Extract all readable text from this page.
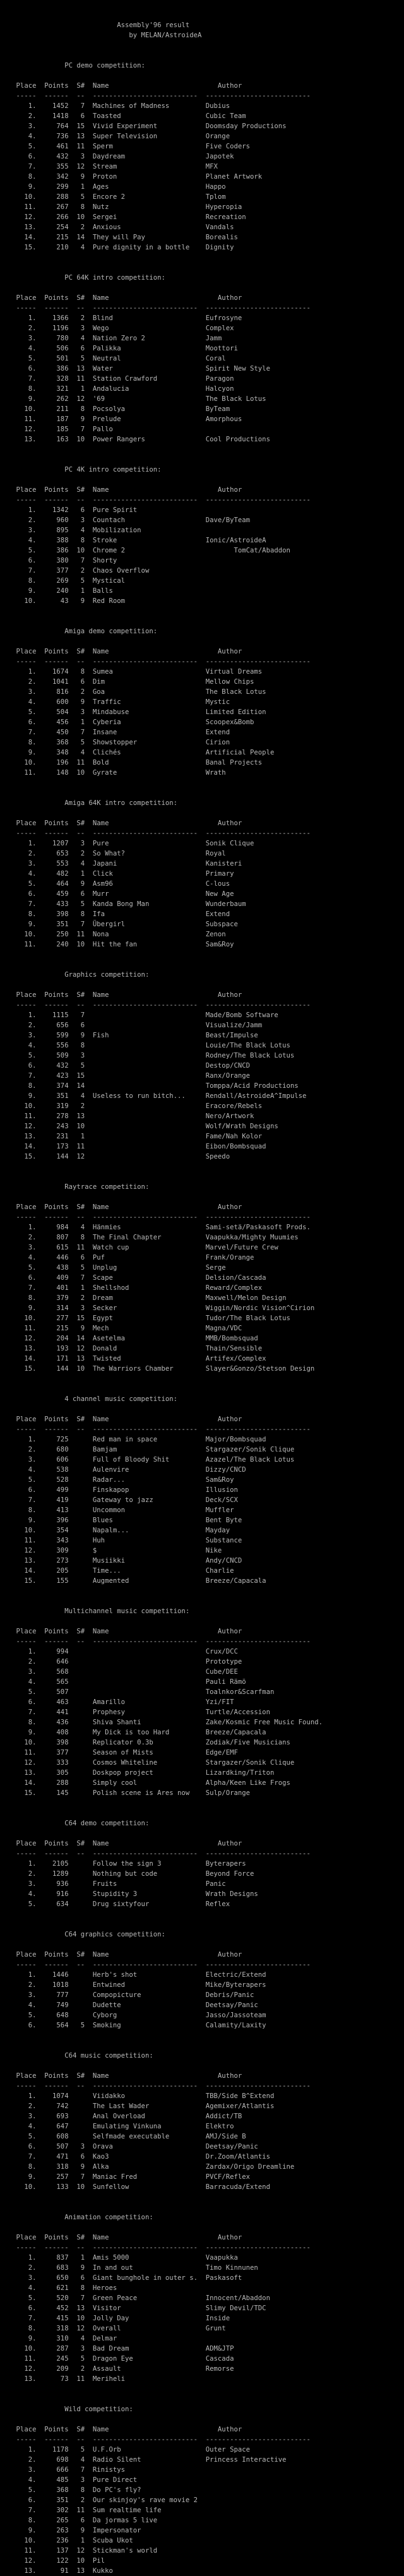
Assembly'96 result
by MELAN/AstroideA
PC demo competition:
Place  Points  S#  Name                           Author
-----  ------  --  --------------------------  --------------------------
1.    1452   7  Machines of Madness         Dubius
2.    1418   6  Toasted                     Cubic Team
3.     764  15  Vivid Experiment            Doomsday Productions
4.     736  13  Super Television            Orange
5.     461  11  Sperm                       Five Coders
6.     432   3  Daydream                    Japotek
7.     355  12  Stream                      MFX
8.     342   9  Proton                      Planet Artwork
9.     299   1  Ages                        Happo
10.     288   5  Encore 2                    Tplom
11.     267   8  Nutz                        Hyperopia
12.     266  10  Sergei                      Recreation
13.     254   2  Anxious                     Vandals
14.     215  14  They will Pay               Borealis
15.     210   4  Pure dignity in a bottle    Dignity
PC 64K intro competition:
Place  Points  S#  Name                           Author
-----  ------  --  --------------------------  --------------------------
1.    1366   2  Blind                       Eufrosyne
2.    1196   3  Wego                        Complex
3.     780   4  Nation Zero 2               Jamm
4.     506   6  Palikka                     Moottori
5.     501   5  Neutral                     Coral
6.     386  13  Water                       Spirit New Style
7.     328  11  Station Crawford            Paragon
8.     321   1  Andalucia                   Halcyon
9.     262  12  '69                         The Black Lotus
10.     211   8  Pocsolya                    ByTeam
11.     187   9  Prelude                     Amorphous
12.     185   7  Pallo
13.     163  10  Power Rangers               Cool Productions
PC 4K intro competition:
Place  Points  S#  Name                           Author
-----  ------  --  --------------------------  --------------------------
1.    1342   6  Pure Spirit
2.     960   3  Countach                    Dave/ByTeam
3.     895   4  Mobilization
4.     388   8  Stroke                      Ionic/AstroideA
5.     386  10  Chrome 2                           TomCat/Abaddon
6.     380   7  Shorty
7.     377   2  Chaos Overflow
8.     269   5  Mystical
9.     240   1  Balls
10.      43   9  Red Room
Amiga demo competition:
Place  Points  S#  Name                           Author
-----  ------  --  --------------------------  --------------------------
1.    1674   8  Sumea                       Virtual Dreams
2.    1041   6  Dim                         Mellow Chips
3.     816   2  Goa                         The Black Lotus
4.     600   9  Traffic                     Mystic
5.     504   3  Mindabuse                   Limited Edition
6.     456   1  Cyberia                     Scoopex&Bomb
7.     450   7  Insane                      Extend
8.     368   5  Showstopper                 Cirion
9.     348   4  Clichés                     Artificial People
10.     196  11  Bold                        Banal Projects
11.     148  10  Gyrate                      Wrath
Amiga 64K intro competition:
Place  Points  S#  Name                           Author
-----  ------  --  --------------------------  --------------------------
1.    1207   3  Pure                        Sonik Clique
2.     653   2  So What?                    Royal
3.     553   4  Japani                      Kanisteri
4.     482   1  Click                       Primary
5.     464   9  Asm96                       C-lous
6.     459   6  Murr                        New Age
7.     433   5  Kanda Bong Man              Wunderbaum
8.     398   8  Ifa                         Extend
9.     351   7  Übergirl                    Subspace
10.     250  11  Nona                        Zenon
11.     240  10  Hit the fan                 Sam&Roy
Graphics competition:
Place  Points  S#  Name                           Author
-----  ------  --  --------------------------  --------------------------
1.    1115   7                              Made/Bomb Software
2.     656   6                              Visualize/Jamm
3.     599   9  Fish                        Beast/Impulse
4.     556   8                              Louie/The Black Lotus
5.     509   3                              Rodney/The Black Lotus
6.     432   5                              Destop/CNCD
7.     423  15                              Ranx/Orange
8.     374  14                              Tomppa/Acid Productions
9.     351   4  Useless to run bitch...     Rendall/AstroideA^Impulse
10.     319   2                              Eracore/Rebels
11.     278  13                              Nero/Artwork
12.     243  10                              Wolf/Wrath Designs
13.     231   1                              Fame/Nah Kolor
14.     173  11                              Eibon/Bombsquad
15.     144  12                              Speedo
Raytrace competition:
Place  Points  S#  Name                           Author
-----  ------  --  --------------------------  --------------------------
1.     984   4  Hänmies                     Sami-setä/Paskasoft Prods.
2.     807   8  The Final Chapter           Vaapukka/Mighty Muumies
3.     615  11  Watch cup                   Marvel/Future Crew
4.     446   6  Puf                         Frank/Orange
5.     438   5  Unplug                      Serge
6.     409   7  Scape                       Delsion/Cascada
7.     401   1  Shellshod                   Reward/Complex
8.     379   2  Dream                       Maxwell/Melon Design
9.     314   3  Secker                      Wiggin/Nordic Vision^Cirion
10.     277  15  Egypt                       Tudor/The Black Lotus
11.     215   9  Mech                        Magna/VDC
12.     204  14  Asetelma                    MMB/Bombsquad
13.     193  12  Donald                      Thain/Sensible
14.     171  13  Twisted                     Artifex/Complex
15.     144  10  The Warriors Chamber        Slayer&Gonzo/Stetson Design
4 channel music competition:
Place  Points  S#  Name                           Author
-----  ------  --  --------------------------  --------------------------
1.     725      Red man in space            Major/Bombsquad
2.     680      Bamjam                      Stargazer/Sonik Clique
3.     606      Full of Bloody Shit         Azazel/The Black Lotus
4.     538      Aulenvire                   Dizzy/CNCD
5.     528      Radar...                    Sam&Roy
6.     499      Finskapop                   Illusion
7.     419      Gateway to jazz             Deck/SCX
8.     413      Uncommon                    Muffler
9.     396      Blues                       Bent Byte
10.     354      Napalm...                   Mayday
11.     343      Huh                         Substance
12.     309      $                           Nike
13.     273      Musiikki                    Andy/CNCD
14.     205      Time...                     Charlie
15.     155      Augmented                   Breeze/Capacala
Multichannel music competition:
Place  Points  S#  Name                           Author
-----  ------  --  --------------------------  --------------------------
1.     994                                  Crux/DCC
2.     646                                  Prototype
3.     568                                  Cube/DEE
4.     565                                  Pauli Rämö
5.     507                                  Toalnkor&Scarfman
6.     463      Amarillo                    Yzi/FIT
7.     441      Prophesy                    Turtle/Accession
8.     436      Shiva Shanti                Zake/Kosmic Free Music Found.
9.     408      My Dick is too Hard         Breeze/Capacala
10.     398      Replicator 0.3b             Zodiak/Five Musicians
11.     377      Season of Mists             Edge/EMF
12.     333      Cosmos Whiteline            Stargazer/Sonik Clique
13.     305      Doskpop project             Lizardking/Triton
14.     288      Simply cool                 Alpha/Keen Like Frogs
15.     145      Polish scene is Ares now    Sulp/Orange
C64 demo competition:
Place  Points  S#  Name                           Author
-----  ------  --  --------------------------  --------------------------
1.    2105      Follow the sign 3           Byterapers
2.    1289      Nothing but code            Beyond Force
3.     936      Fruits                      Panic
4.     916      Stupidity 3                 Wrath Designs
5.     634      Drug sixtyfour              Reflex
C64 graphics competition:
Place  Points  S#  Name                           Author
-----  ------  --  --------------------------  --------------------------
1.    1446      Herb's shot                 Electric/Extend
2.    1018      Entwined                    Mike/Byterapers
3.     777      Compopicture                Debris/Panic
4.     749      Dudette                     Deetsay/Panic
5.     648      Cyborg                      Jasso/Jassoteam
6.     564   5  Smoking                     Calamity/Laxity
C64 music competition:
Place  Points  S#  Name                           Author
-----  ------  --  --------------------------  --------------------------
1.    1074      Viidakko                    TBB/Side B^Extend
2.     742      The Last Wader              Agemixer/Atlantis
3.     693      Anal Overload               Addict/TB
4.     647      Emulating Vinkuna           Elektro
5.     608      Selfmade executable         AMJ/Side B
6.     507   3  Orava                       Deetsay/Panic
7.     471   6  Kao3                        Dr.Zoom/Atlantis
8.     318   9  Alka                        Zardax/Origo Dreamline
9.     257   7  Maniac Fred                 PVCF/Reflex
10.     133  10  Sunfellow                   Barracuda/Extend
Animation competition:
Place  Points  S#  Name                           Author
-----  ------  --  --------------------------  --------------------------
1.     837   1  Amis 5000                   Vaapukka
2.     683   9  In and out                  Timo Kinnunen
3.     650   6  Giant bunghole in outer s.  Paskasoft
4.     621   8  Heroes
5.     520   7  Green Peace                 Innocent/Abaddon
6.     452  13  Visitor                     Slimy Devil/TDC
7.     415  10  Jolly Day                   Inside
8.     318  12  Overall                     Grunt
9.     310   4  Delmar
10.     287   3  Bad Dream                   ADM&JTP
11.     245   5  Dragon Eye                  Cascada
12.     209   2  Assault                     Remorse
13.      73  11  Meriheli
Wild competition:
Place  Points  S#  Name                           Author
-----  ------  --  --------------------------  --------------------------
1.    1178   5  U.F.Orb                     Outer Space
2.     698   4  Radio Silent                Princess Interactive
3.     666   7  Rinistys
4.     485   3  Pure Direct
5.     368   8  Do PC's fly?
6.     351   2  Our skinjoy's rave movie 2
7.     302  11  Sum realtime life
8.     265   6  Da jormas 5 live
9.     263   9  Impersonator
10.     236   1  Scuba Ukot
11.     137  12  Stickman's world
12.     122  10  Pil
13.      91  13  Kukko
